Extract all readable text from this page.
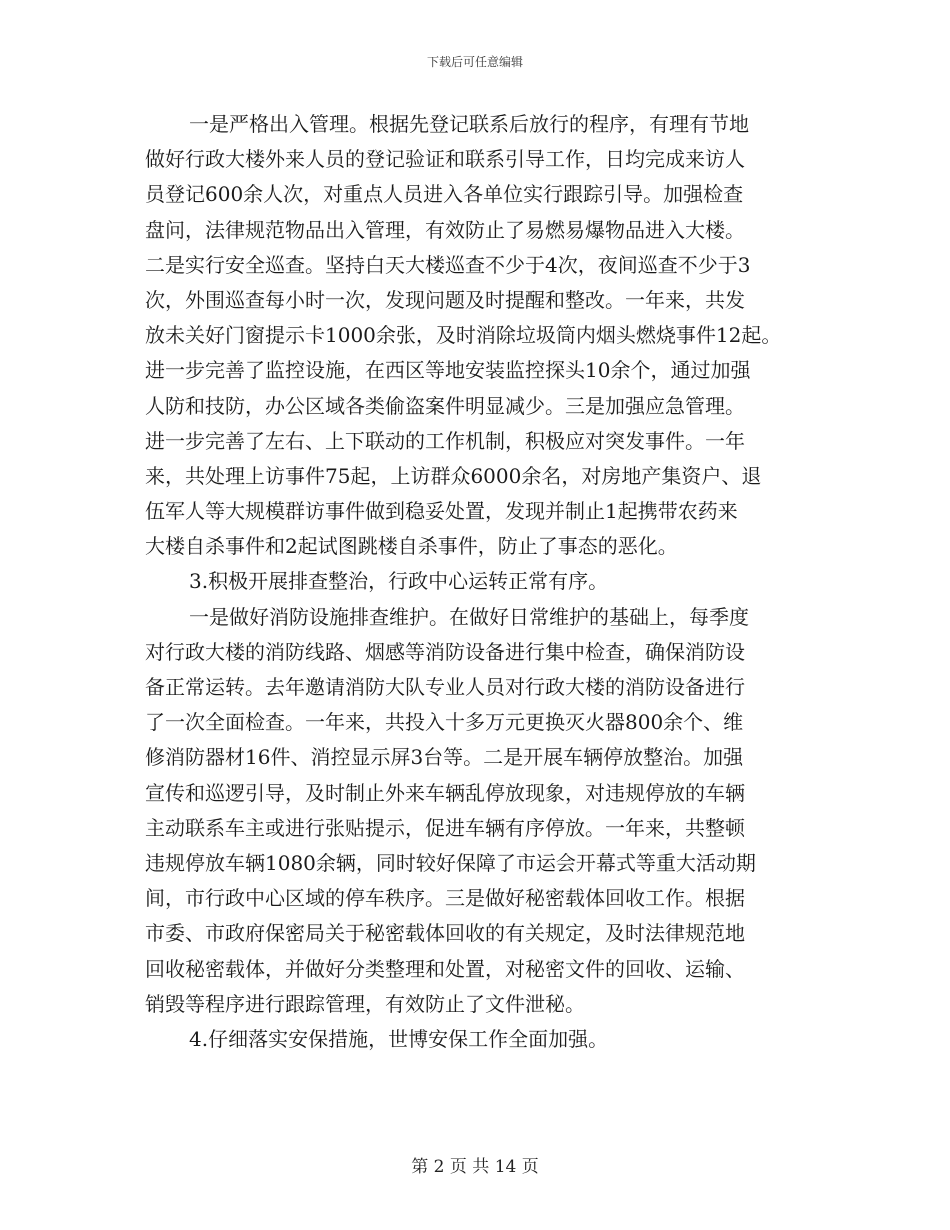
下载后可任意编辑
一是严格出入管理。根据先登记联系后放行的程序，有理有节地
做好行政大楼外来人员的登记验证和联系引导工作，日均完成来访人
员登记600余人次，对重点人员进入各单位实行跟踪引导。加强检查
盘问，法律规范物品出入管理，有效防止了易燃易爆物品进入大楼。
二是实行安全巡查。坚持白天大楼巡查不少于4次，夜间巡查不少于3
次，外围巡查每小时一次，发现问题及时提醒和整改。一年来，共发
放未关好门窗提示卡1000余张，及时消除垃圾筒内烟头燃烧事件12起。
进一步完善了监控设施，在西区等地安装监控探头10余个，通过加强
人防和技防，办公区域各类偷盗案件明显减少。三是加强应急管理。
进一步完善了左右、上下联动的工作机制，积极应对突发事件。一年
来，共处理上访事件75起，上访群众6000余名，对房地产集资户、退
伍军人等大规模群访事件做到稳妥处置，发现并制止1起携带农药来
大楼自杀事件和2起试图跳楼自杀事件，防止了事态的恶化。
3.积极开展排查整治，行政中心运转正常有序。
一是做好消防设施排查维护。在做好日常维护的基础上，每季度
对行政大楼的消防线路、烟感等消防设备进行集中检查，确保消防设
备正常运转。去年邀请消防大队专业人员对行政大楼的消防设备进行
了一次全面检查。一年来，共投入十多万元更换灭火器800余个、维
修消防器材16件、消控显示屏3台等。二是开展车辆停放整治。加强
宣传和巡逻引导，及时制止外来车辆乱停放现象，对违规停放的车辆
主动联系车主或进行张贴提示，促进车辆有序停放。一年来，共整顿
违规停放车辆1080余辆，同时较好保障了市运会开幕式等重大活动期
间，市行政中心区域的停车秩序。三是做好秘密载体回收工作。根据
市委、市政府保密局关于秘密载体回收的有关规定，及时法律规范地
回收秘密载体，并做好分类整理和处置，对秘密文件的回收、运输、
销毁等程序进行跟踪管理，有效防止了文件泄秘。
4.仔细落实安保措施，世博安保工作全面加强。
第 2 页 共 14 页
